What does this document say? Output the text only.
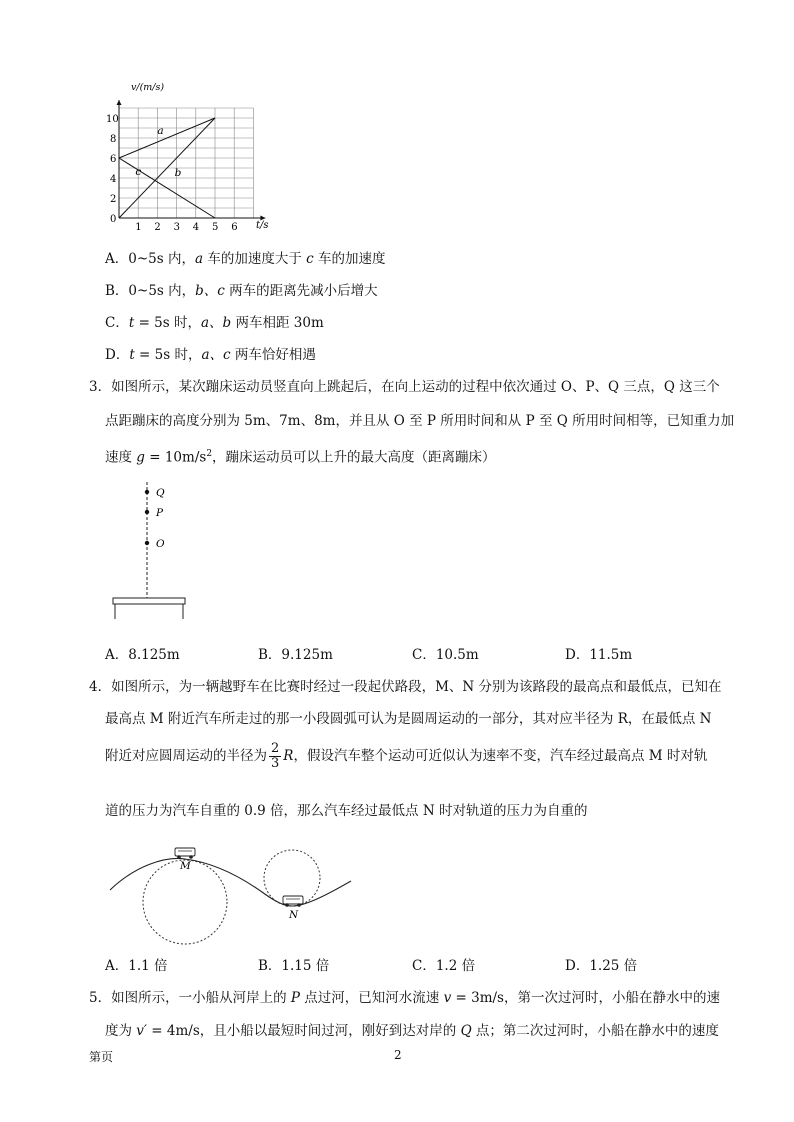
1 2 3 4 5 6
0
2
4
6
8
10
a
b
c
v/(m/s)
t/s
A．0~5s 内，a 车的加速度大于 c 车的加速度
B．0~5s 内，b、c 两车的距离先减小后增大
C．t = 5s 时，a、b 两车相距 30m
D．t = 5s 时，a、c 两车恰好相遇
3．如图所示，某次蹦床运动员竖直向上跳起后，在向上运动的过程中依次通过 O、P、Q 三点，Q 这三个
点距蹦床的高度分别为 5m、7m、8m，并且从 O 至 P 所用时间和从 P 至 Q 所用时间相等，已知重力加
速度 $g = 10m/s^2$，蹦床运动员可以上升的最大高度（距离蹦床）
Q
P
O
A．8.125m	B．9.125m	C．10.5m	D．11.5m
4．如图所示，为一辆越野车在比赛时经过一段起伏路段，M、N 分别为该路段的最高点和最低点，已知在
最高点 M 附近汽车所走过的那一小段圆弧可认为是圆周运动的一部分，其对应半径为 R，在最低点 N
附近对应圆周运动的半径为 $\frac{2}{3}$ R，假设汽车整个运动可近似认为速率不变，汽车经过最高点 M 时对轨
道的压力为汽车自重的 0.9 倍，那么汽车经过最低点 N 时对轨道的压力为自重的
M
N
A．1.1 倍	B．1.15 倍	C．1.2 倍	D．1.25 倍
5．如图所示，一小船从河岸上的 P 点过河，已知河水流速 v = 3m/s，第一次过河时，小船在静水中的速
度为 v′ = 4m/s，且小船以最短时间过河，刚好到达对岸的 Q 点；第二次过河时，小船在静水中的速度
第页	2
